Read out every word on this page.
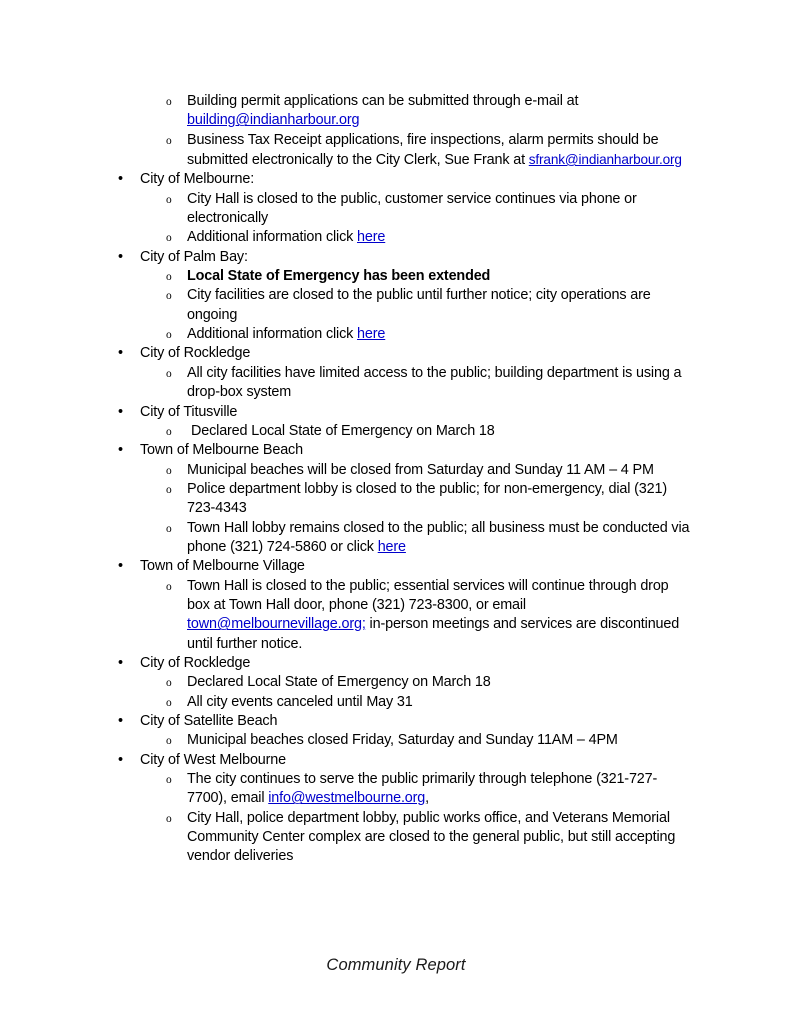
o	Building permit applications can be submitted through e-mail at building@indianharbour.org
o	Business Tax Receipt applications, fire inspections, alarm permits should be submitted electronically to the City Clerk, Sue Frank at sfrank@indianharbour.org
•	City of Melbourne:
o	City Hall is closed to the public, customer service continues via phone or electronically
o	Additional information click here
•	City of Palm Bay:
o	Local State of Emergency has been extended
o	City facilities are closed to the public until further notice; city operations are ongoing
o	Additional information click here
•	City of Rockledge
o	All city facilities have limited access to the public; building department is using a drop-box system
•	City of Titusville
o	Declared Local State of Emergency on March 18
•	Town of Melbourne Beach
o	Municipal beaches will be closed from Saturday and Sunday 11 AM – 4 PM
o	Police department lobby is closed to the public; for non-emergency, dial (321) 723-4343
o	Town Hall lobby remains closed to the public; all business must be conducted via phone (321) 724-5860 or click here
•	Town of Melbourne Village
o	Town Hall is closed to the public; essential services will continue through drop box at Town Hall door, phone (321) 723-8300, or email town@melbournevillage.org; in-person meetings and services are discontinued until further notice.
•	City of Rockledge
o	Declared Local State of Emergency on March 18
o	All city events canceled until May 31
•	City of Satellite Beach
o	Municipal beaches closed Friday, Saturday and Sunday 11AM – 4PM
•	City of West Melbourne
o	The city continues to serve the public primarily through telephone (321-727-7700), email info@westmelbourne.org,
o	City Hall, police department lobby, public works office, and Veterans Memorial Community Center complex are closed to the general public, but still accepting vendor deliveries
Community Report
